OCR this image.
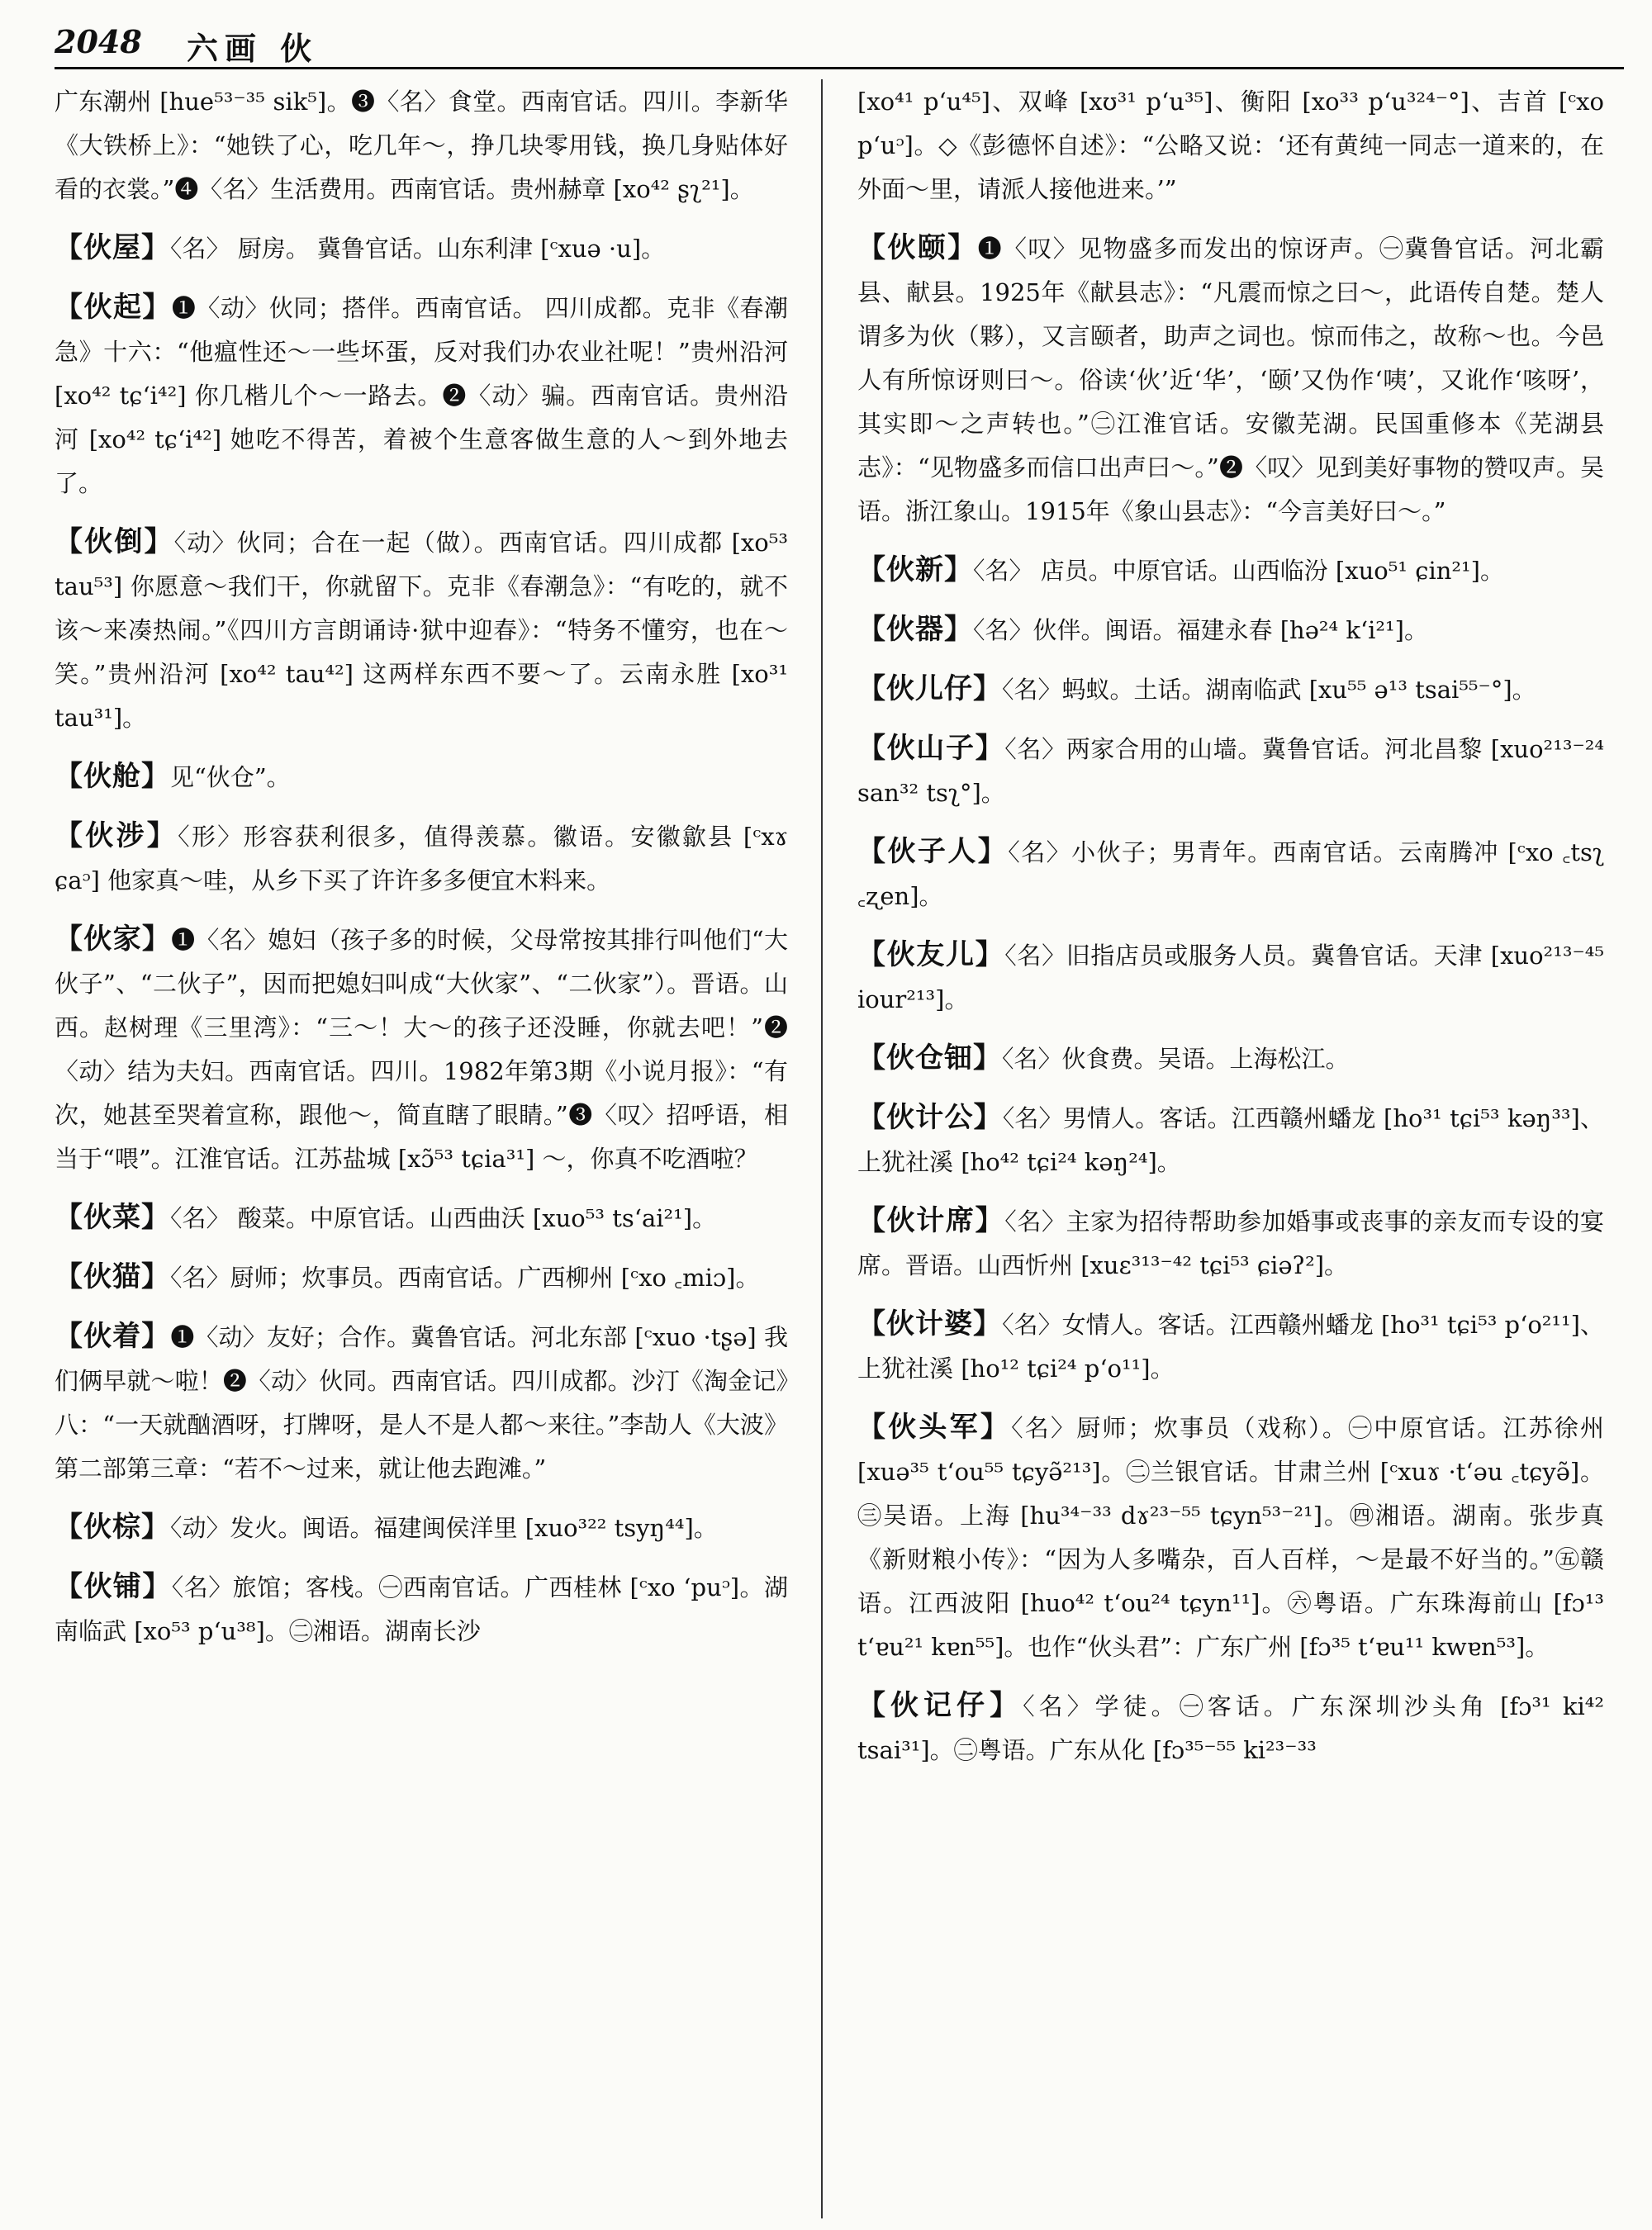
2048 六画 伙

广东潮州 [hue⁵³⁻³⁵ sik⁵]。❸〈名〉食堂。西南官话。四川。李新华《大铁桥上》：“她铁了心，吃几年～，挣几块零用钱，换几身贴体好看的衣裳。”❹〈名〉生活费用。西南官话。贵州赫章 [xo⁴² ʂʅ²¹]。

【伙屋】〈名〉 厨房。 冀鲁官话。山东利津 [ᶜxuə ·u]。

【伙起】❶〈动〉伙同；搭伴。西南官话。 四川成都。克非《春潮急》十六：“他瘟性还～一些坏蛋，反对我们办农业社呢！”贵州沿河 [xo⁴² tɕʻi⁴²] 你几楷儿个～一路去。❷〈动〉骗。西南官话。贵州沿河 [xo⁴² tɕʻi⁴²] 她吃不得苦，着被个生意客做生意的人～到外地去了。

【伙倒】〈动〉伙同；合在一起（做）。西南官话。四川成都 [xo⁵³ tau⁵³] 你愿意～我们干，你就留下。克非《春潮急》：“有吃的，就不该～来凑热闹。”《四川方言朗诵诗·狱中迎春》：“特务不懂穷，也在～笑。”贵州沿河 [xo⁴² tau⁴²] 这两样东西不要～了。云南永胜 [xo³¹ tau³¹]。

【伙舱】见“伙仓”。

【伙涉】〈形〉形容获利很多，值得羡慕。徽语。安徽歙县 [ᶜxɤ ɕaᵓ] 他家真～哇，从乡下买了许许多多便宜木料来。

【伙家】❶〈名〉媳妇（孩子多的时候，父母常按其排行叫他们“大伙子”、“二伙子”，因而把媳妇叫成“大伙家”、“二伙家”）。晋语。山西。赵树理《三里湾》：“三～！大～的孩子还没睡，你就去吧！”❷〈动〉结为夫妇。西南官话。四川。1982年第3期《小说月报》：“有次，她甚至哭着宣称，跟他～，简直瞎了眼睛。”❸〈叹〉招呼语，相当于“喂”。江淮官话。江苏盐城 [xɔ̃⁵³ tɕia³¹] ～，你真不吃酒啦？

【伙菜】〈名〉 酸菜。中原官话。山西曲沃 [xuo⁵³ tsʻai²¹]。

【伙猫】〈名〉厨师；炊事员。西南官话。广西柳州 [ᶜxo ꜀miɔ]。

【伙着】❶〈动〉友好；合作。冀鲁官话。河北东部 [ᶜxuo ·tʂə] 我们俩早就～啦！❷〈动〉伙同。西南官话。四川成都。沙汀《淘金记》八：“一天就酗酒呀，打牌呀，是人不是人都～来往。”李劼人《大波》第二部第三章：“若不～过来，就让他去跑滩。”

【伙棕】〈动〉发火。闽语。福建闽侯洋里 [xuo³²² tsyŋ⁴⁴]。

【伙铺】〈名〉旅馆；客栈。㊀西南官话。广西桂林 [ᶜxo ʻpuᵓ]。湖南临武 [xo⁵³ pʻu³⁸]。㊁湘语。湖南长沙

[xo⁴¹ pʻu⁴⁵]、双峰 [xʊ³¹ pʻu³⁵]、衡阳 [xo³³ pʻu³²⁴⁻°]、吉首 [ᶜxo pʻuᵓ]。◇《彭德怀自述》：“公略又说：‘还有黄纯一同志一道来的，在外面～里，请派人接他进来。’”

【伙颐】❶〈叹〉见物盛多而发出的惊讶声。㊀冀鲁官话。河北霸县、献县。1925年《献县志》：“凡震而惊之曰～，此语传自楚。楚人谓多为伙（夥），又言颐者，助声之词也。惊而伟之，故称～也。今邑人有所惊讶则曰～。俗读‘伙’近‘华’，‘颐’又伪作‘咦’，又讹作‘咳呀’，其实即～之声转也。”㊁江淮官话。安徽芜湖。民国重修本《芜湖县志》：“见物盛多而信口出声曰～。”❷〈叹〉见到美好事物的赞叹声。吴语。浙江象山。1915年《象山县志》：“今言美好曰～。”

【伙新】〈名〉 店员。中原官话。山西临汾 [xuo⁵¹ ɕin²¹]。

【伙器】〈名〉伙伴。闽语。福建永春 [hə²⁴ kʻi²¹]。

【伙儿仔】〈名〉蚂蚁。土话。湖南临武 [xu⁵⁵ ə¹³ tsai⁵⁵⁻°]。

【伙山子】〈名〉两家合用的山墙。冀鲁官话。河北昌黎 [xuo²¹³⁻²⁴ san³² tsʅ°]。

【伙子人】〈名〉小伙子；男青年。西南官话。云南腾冲 [ᶜxo ꜀tsʅ ꜀ʐen]。

【伙友儿】〈名〉旧指店员或服务人员。冀鲁官话。天津 [xuo²¹³⁻⁴⁵ iour²¹³]。

【伙仓钿】〈名〉伙食费。吴语。上海松江。

【伙计公】〈名〉男情人。客话。江西赣州蟠龙 [ho³¹ tɕi⁵³ kəŋ³³]、上犹社溪 [ho⁴² tɕi²⁴ kəŋ²⁴]。

【伙计席】〈名〉主家为招待帮助参加婚事或丧事的亲友而专设的宴席。晋语。山西忻州 [xuɛ³¹³⁻⁴² tɕi⁵³ ɕiəʔ²]。

【伙计婆】〈名〉女情人。客话。江西赣州蟠龙 [ho³¹ tɕi⁵³ pʻo²¹¹]、上犹社溪 [ho¹² tɕi²⁴ pʻo¹¹]。

【伙头军】〈名〉厨师；炊事员（戏称）。㊀中原官话。江苏徐州 [xuə³⁵ tʻou⁵⁵ tɕyə̃²¹³]。㊁兰银官话。甘肃兰州 [ᶜxuɤ ·tʻəu ꜀tɕyə̃]。㊂吴语。上海 [hu³⁴⁻³³ dɤ²³⁻⁵⁵ tɕyn⁵³⁻²¹]。㊃湘语。湖南。张步真《新财粮小传》：“因为人多嘴杂，百人百样，～是最不好当的。”㊄赣语。江西波阳 [huo⁴² tʻou²⁴ tɕyn¹¹]。㊅粤语。广东珠海前山 [fɔ¹³ tʻɐu²¹ kɐn⁵⁵]。也作“伙头君”：广东广州 [fɔ³⁵ tʻɐu¹¹ kwɐn⁵³]。

【伙记仔】〈名〉学徒。㊀客话。广东深圳沙头角 [fɔ³¹ ki⁴² tsai³¹]。㊁粤语。广东从化 [fɔ³⁵⁻⁵⁵ ki²³⁻³³
